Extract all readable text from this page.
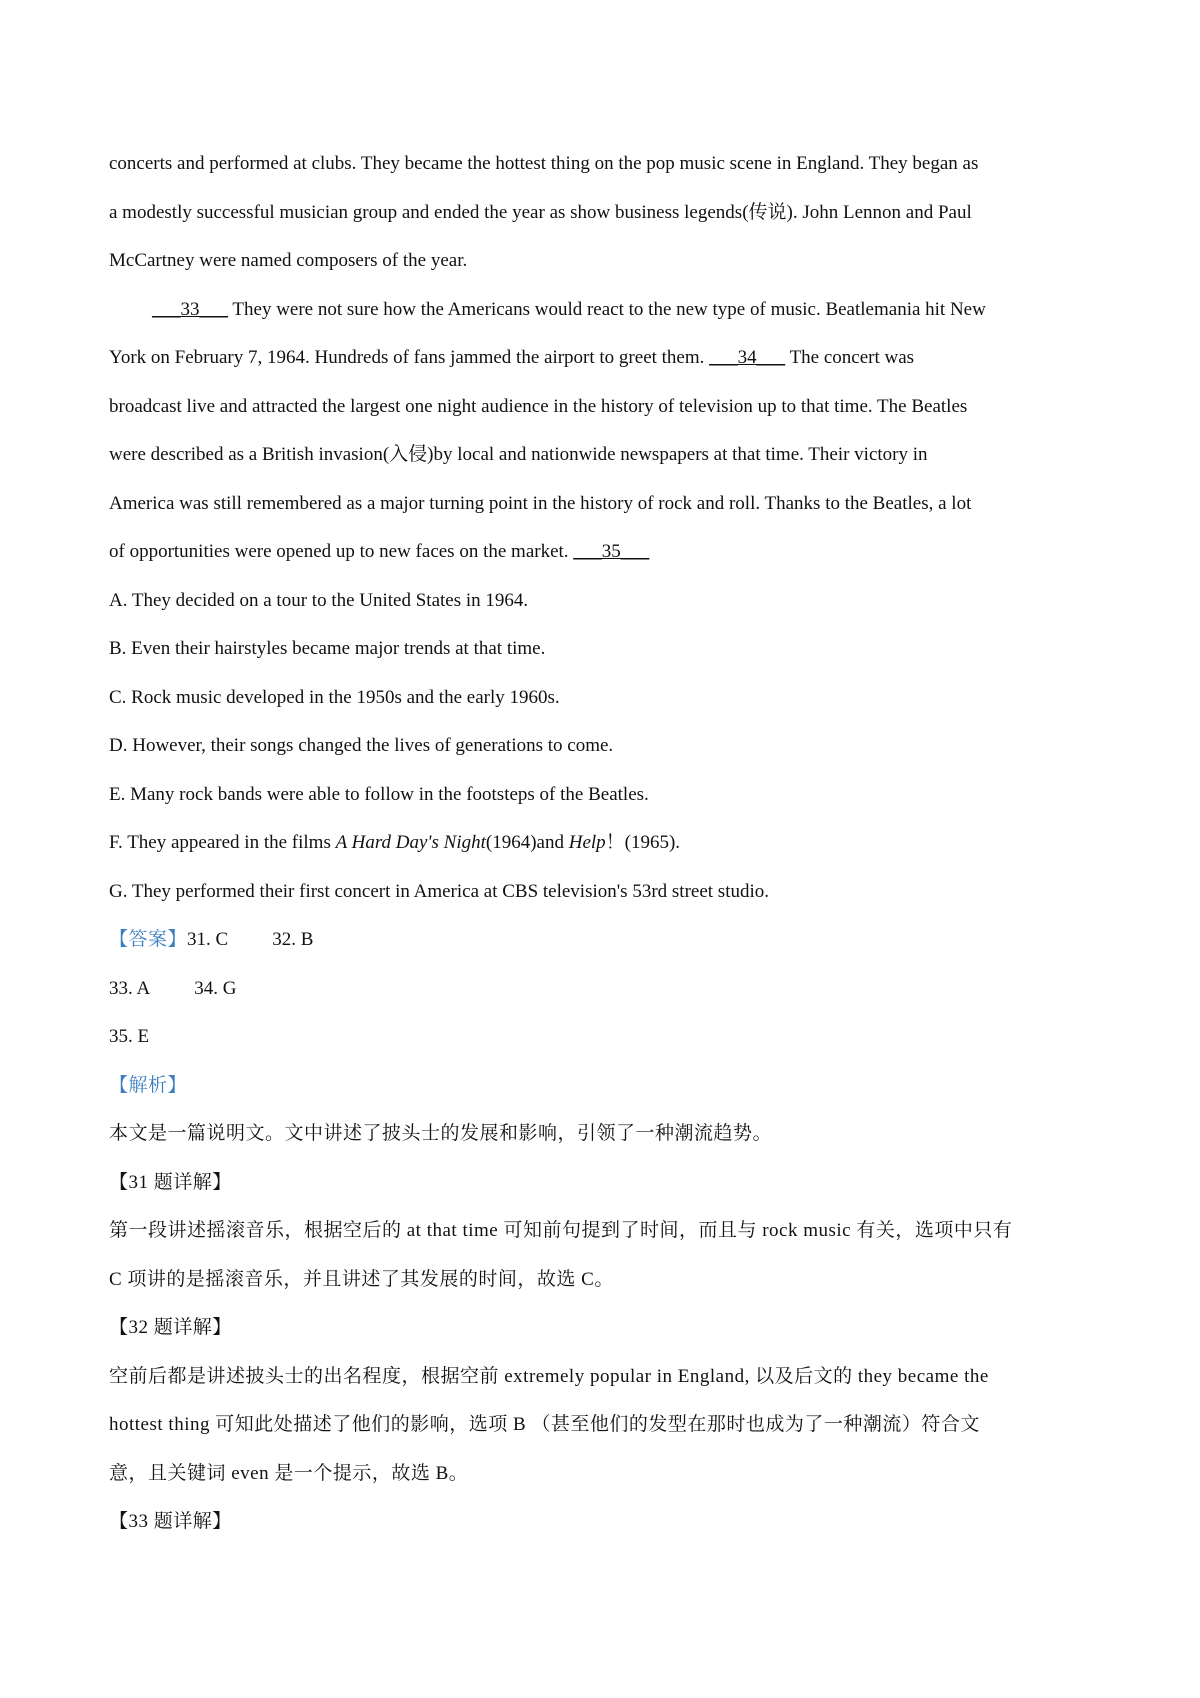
concerts and performed at clubs. They became the hottest thing on the pop music scene in England. They began as
a modestly successful musician group and ended the year as show business legends(传说). John Lennon and Paul
McCartney were named composers of the year.

___33___ They were not sure how the Americans would react to the new type of music. Beatlemania hit New
York on February 7, 1964. Hundreds of fans jammed the airport to greet them. ___34___ The concert was
broadcast live and attracted the largest one night audience in the history of television up to that time. The Beatles
were described as a British invasion(入侵)by local and nationwide newspapers at that time. Their victory in
America was still remembered as a major turning point in the history of rock and roll. Thanks to the Beatles, a lot
of opportunities were opened up to new faces on the market. ___35___

A. They decided on a tour to the United States in 1964.

B. Even their hairstyles became major trends at that time.

C. Rock music developed in the 1950s and the early 1960s.

D. However, their songs changed the lives of generations to come.

E. Many rock bands were able to follow in the footsteps of the Beatles.

F. They appeared in the films A Hard Day's Night(1964)and Help！(1965).

G. They performed their first concert in America at CBS television's 53rd street studio.

【答案】31. C 32. B

33. A 34. G

35. E

【解析】

本文是一篇说明文。文中讲述了披头士的发展和影响，引领了一种潮流趋势。

【31 题详解】

第一段讲述摇滚音乐，根据空后的 at that time 可知前句提到了时间，而且与 rock music 有关，选项中只有
C 项讲的是摇滚音乐，并且讲述了其发展的时间，故选 C。

【32 题详解】

空前后都是讲述披头士的出名程度，根据空前 extremely popular in England, 以及后文的 they became the
hottest thing 可知此处描述了他们的影响，选项 B （甚至他们的发型在那时也成为了一种潮流）符合文
意，且关键词 even 是一个提示，故选 B。

【33 题详解】
